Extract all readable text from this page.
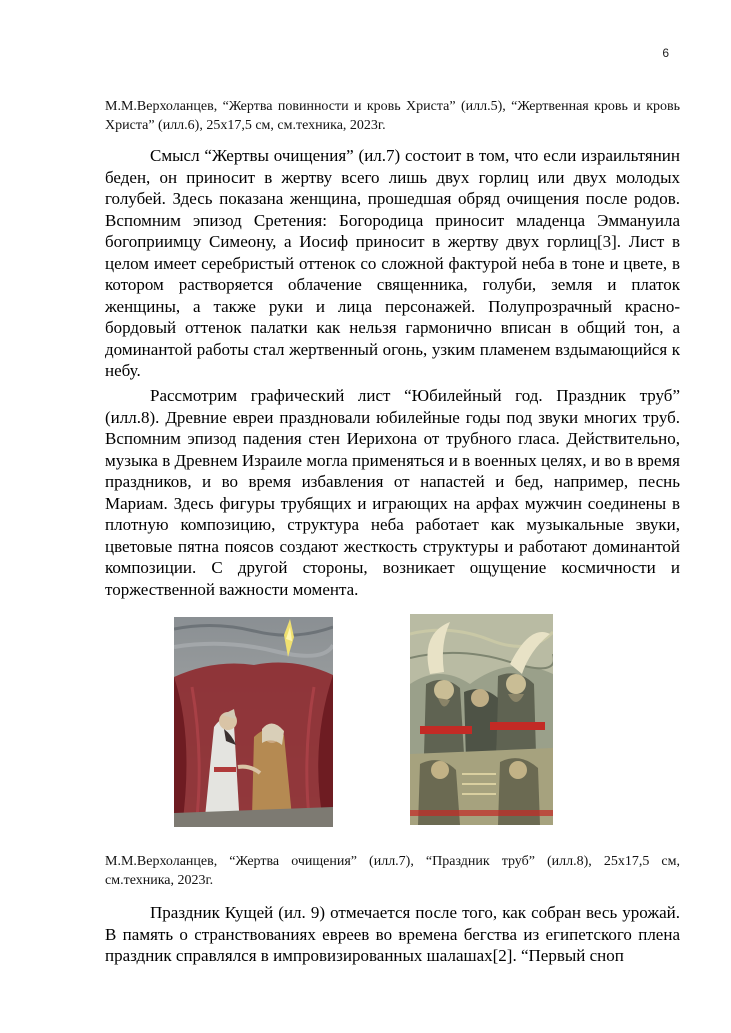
6
М.М.Верхоланцев, “Жертва повинности и кровь Христа” (илл.5), “Жертвенная кровь и кровь Христа” (илл.6), 25х17,5 см, см.техника, 2023г.

Смысл “Жертвы очищения” (ил.7) состоит в том, что если израильтянин беден, он приносит в жертву всего лишь двух горлиц или двух молодых голубей. Здесь показана женщина, прошедшая обряд очищения после родов. Вспомним эпизод Сретения: Богородица приносит младенца Эммануила богоприимцу Симеону, а Иосиф приносит в жертву двух горлиц[3]. Лист в целом имеет серебристый оттенок со сложной фактурой неба в тоне и цвете, в котором растворяется облачение священника, голуби, земля и платок женщины, а также руки и лица персонажей. Полупрозрачный красно-бордовый оттенок палатки как нельзя гармонично вписан в общий тон, а доминантой работы стал жертвенный огонь, узким пламенем вздымающийся к небу.

Рассмотрим графический лист “Юбилейный год. Праздник труб” (илл.8). Древние евреи праздновали юбилейные годы под звуки многих труб. Вспомним эпизод падения стен Иерихона от трубного гласа. Действительно, музыка в Древнем Израиле могла применяться и в военных целях, и во в время праздников, и во время избавления от напастей и бед, например, песнь Мариам. Здесь фигуры трубящих и играющих на арфах мужчин соединены в плотную композицию, структура неба работает как музыкальные звуки, цветовые пятна поясов создают жесткость структуры и работают доминантой композиции. С другой стороны, возникает ощущение космичности и торжественной важности момента.

М.М.Верхоланцев, “Жертва очищения” (илл.7), “Праздник труб” (илл.8), 25х17,5 см, см.техника, 2023г.

Праздник Кущей (ил. 9) отмечается после того, как собран весь урожай. В память о странствованиях евреев во времена бегства из египетского плена праздник справлялся в импровизированных шалашах[2]. “Первый сноп
